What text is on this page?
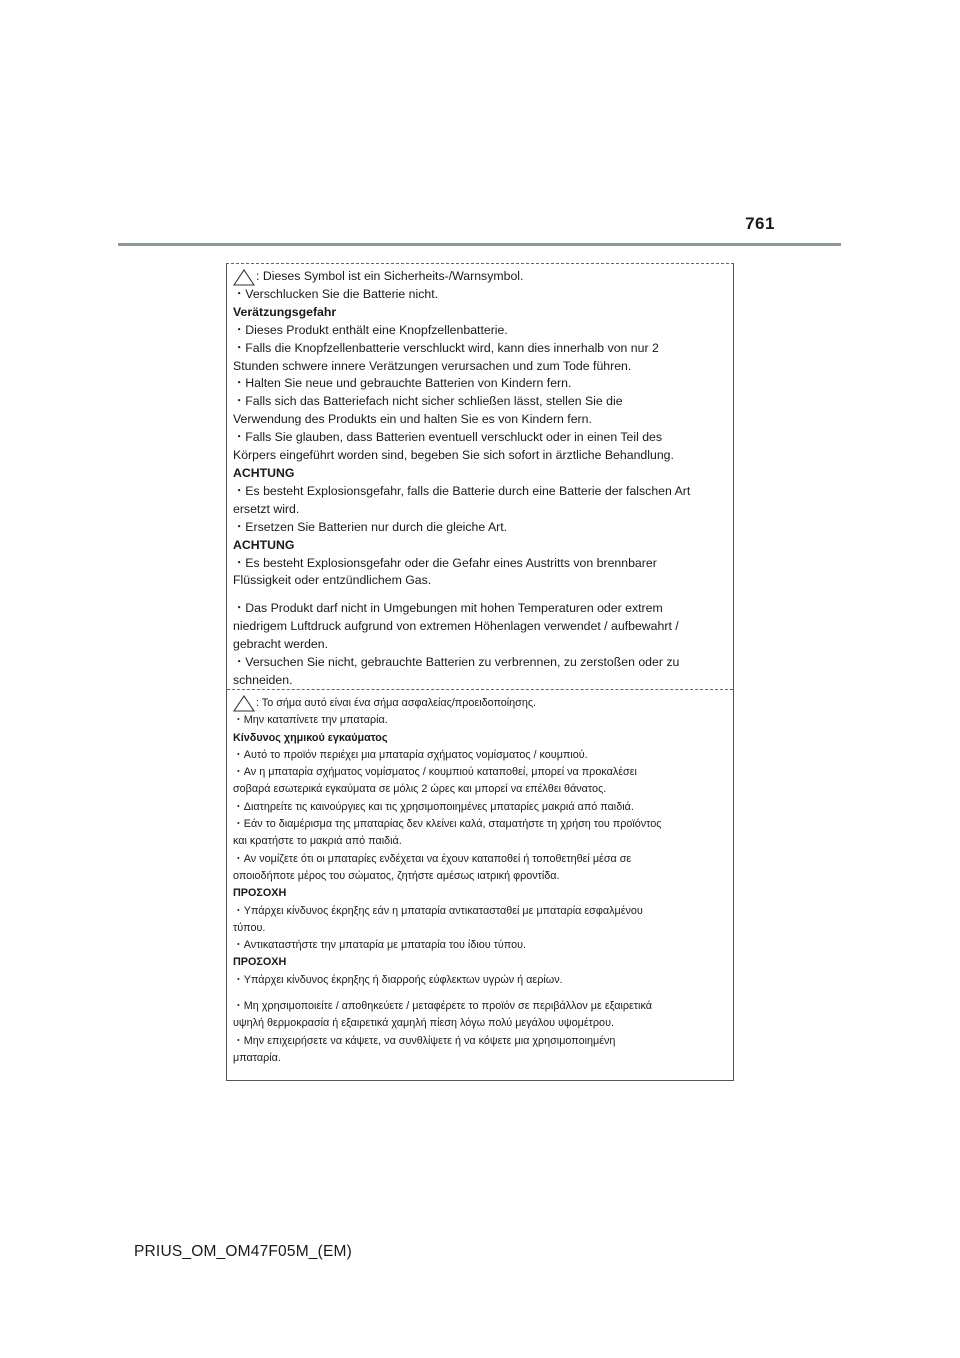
761
: Dieses Symbol ist ein Sicherheits-/Warnsymbol.
・Verschlucken Sie die Batterie nicht.
Verätzungsgefahr
・Dieses Produkt enthält eine Knopfzellenbatterie.
・Falls die Knopfzellenbatterie verschluckt wird, kann dies innerhalb von nur 2
Stunden schwere innere Verätzungen verursachen und zum Tode führen.
・Halten Sie neue und gebrauchte Batterien von Kindern fern.
・Falls sich das Batteriefach nicht sicher schließen lässt, stellen Sie die
Verwendung des Produkts ein und halten Sie es von Kindern fern.
・Falls Sie glauben, dass Batterien eventuell verschluckt oder in einen Teil des
Körpers eingeführt worden sind, begeben Sie sich sofort in ärztliche Behandlung.
ACHTUNG
・Es besteht Explosionsgefahr, falls die Batterie durch eine Batterie der falschen Art
ersetzt wird.
・Ersetzen Sie Batterien nur durch die gleiche Art.
ACHTUNG
・Es besteht Explosionsgefahr oder die Gefahr eines Austritts von brennbarer
Flüssigkeit oder entzündlichem Gas.
・Das Produkt darf nicht in Umgebungen mit hohen Temperaturen oder extrem
niedrigem Luftdruck aufgrund von extremen Höhenlagen verwendet / aufbewahrt /
gebracht werden.
・Versuchen Sie nicht, gebrauchte Batterien zu verbrennen, zu zerstoßen oder zu
schneiden.
: Το σήμα αυτό είναι ένα σήμα ασφαλείας/προειδοποίησης.
・Μην καταπίνετε την μπαταρία.
Κίνδυνος χημικού εγκαύματος
・Αυτό το προϊόν περιέχει μια μπαταρία σχήματος νομίσματος / κουμπιού.
・Αν η μπαταρία σχήματος νομίσματος / κουμπιού καταποθεί, μπορεί να προκαλέσει
σοβαρά εσωτερικά εγκαύματα σε μόλις 2 ώρες και μπορεί να επέλθει θάνατος.
・Διατηρείτε τις καινούργιες και τις χρησιμοποιημένες μπαταρίες μακριά από παιδιά.
・Εάν το διαμέρισμα της μπαταρίας δεν κλείνει καλά, σταματήστε τη χρήση του προϊόντος
και κρατήστε το μακριά από παιδιά.
・Αν νομίζετε ότι οι μπαταρίες ενδέχεται να έχουν καταποθεί ή τοποθετηθεί μέσα σε
οποιοδήποτε μέρος του σώματος, ζητήστε αμέσως ιατρική φροντίδα.
ΠΡΟΣΟΧΗ
・Υπάρχει κίνδυνος έκρηξης εάν η μπαταρία αντικατασταθεί με μπαταρία εσφαλμένου
τύπου.
・Αντικαταστήστε την μπαταρία με μπαταρία του ίδιου τύπου.
ΠΡΟΣΟΧΗ
・Υπάρχει κίνδυνος έκρηξης ή διαρροής εύφλεκτων υγρών ή αερίων.
・Μη χρησιμοποιείτε / αποθηκεύετε / μεταφέρετε το προϊόν σε περιβάλλον με εξαιρετικά
υψηλή θερμοκρασία ή εξαιρετικά χαμηλή πίεση λόγω πολύ μεγάλου υψομέτρου.
・Μην επιχειρήσετε να κάψετε, να συνθλίψετε ή να κόψετε μια χρησιμοποιημένη
μπαταρία.
PRIUS_OM_OM47F05M_(EM)
